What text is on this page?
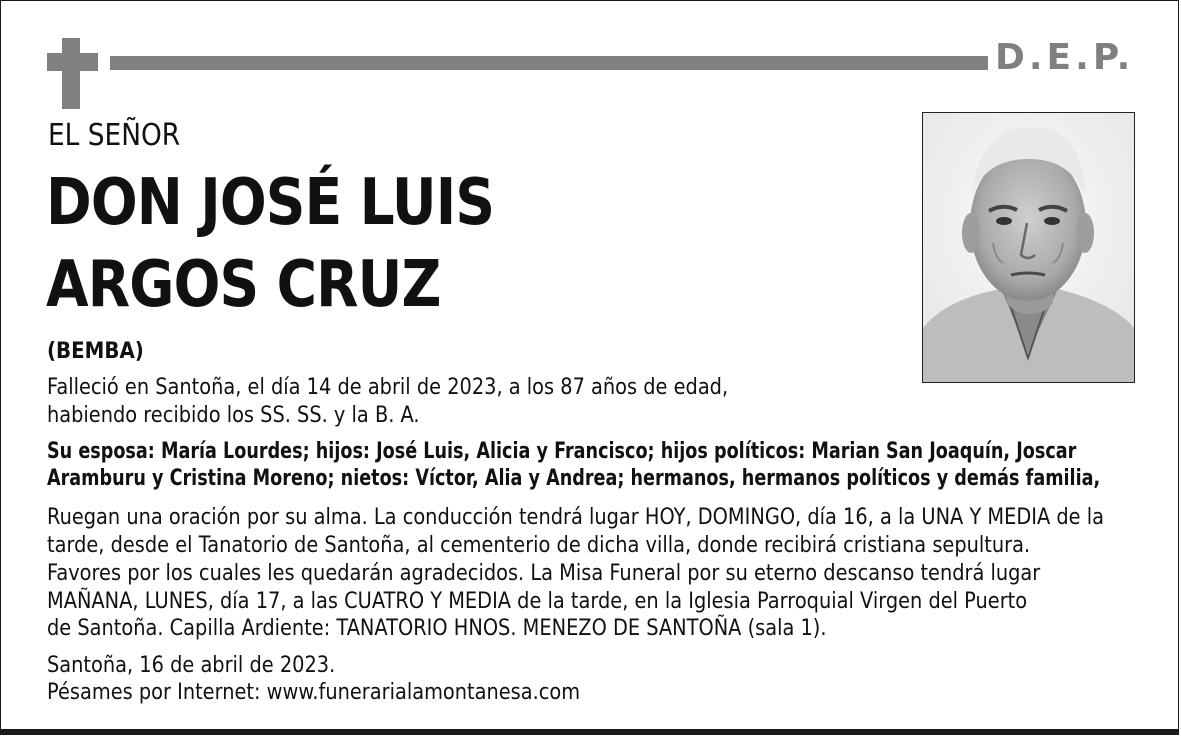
D.E.P.
EL SEÑOR
DON JOSÉ LUIS
ARGOS CRUZ
(BEMBA)
Falleció en Santoña, el día 14 de abril de 2023, a los 87 años de edad,
habiendo recibido los SS. SS. y la B. A.
Su esposa: María Lourdes; hijos: José Luis, Alicia y Francisco; hijos políticos: Marian San Joaquín, Joscar
Aramburu y Cristina Moreno; nietos: Víctor, Alia y Andrea; hermanos, hermanos políticos y demás familia,
Ruegan una oración por su alma. La conducción tendrá lugar HOY, DOMINGO, día 16, a la UNA Y MEDIA de la
tarde, desde el Tanatorio de Santoña, al cementerio de dicha villa, donde recibirá cristiana sepultura.
Favores por los cuales les quedarán agradecidos. La Misa Funeral por su eterno descanso tendrá lugar
MAÑANA, LUNES, día 17, a las CUATRO Y MEDIA de la tarde, en la Iglesia Parroquial Virgen del Puerto
de Santoña. Capilla Ardiente: TANATORIO HNOS. MENEZO DE SANTOÑA (sala 1).
Santoña, 16 de abril de 2023.
Pésames por Internet: www.funerarialamontanesa.com
